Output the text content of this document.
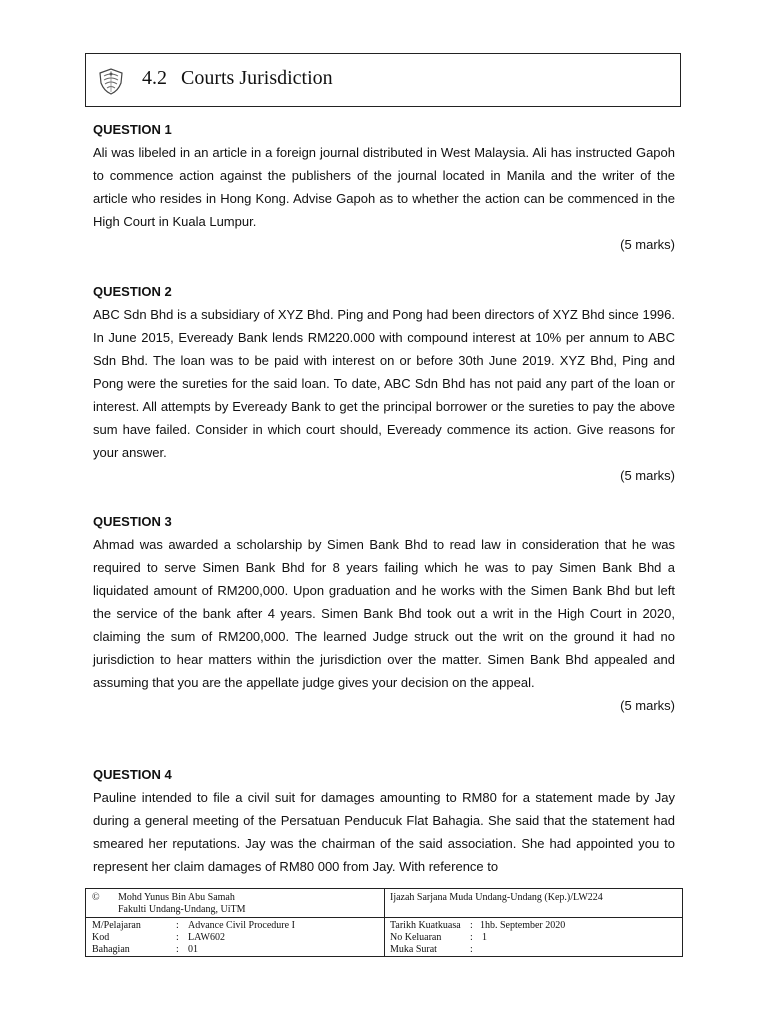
4.2 Courts Jurisdiction
QUESTION 1

Ali was libeled in an article in a foreign journal distributed in West Malaysia. Ali has instructed Gapoh to commence action against the publishers of the journal located in Manila and the writer of the article who resides in Hong Kong. Advise Gapoh as to whether the action can be commenced in the High Court in Kuala Lumpur.

(5 marks)
QUESTION 2

ABC Sdn Bhd is a subsidiary of XYZ Bhd. Ping and Pong had been directors of XYZ Bhd since 1996. In June 2015, Eveready Bank lends RM220.000 with compound interest at 10% per annum to ABC Sdn Bhd. The loan was to be paid with interest on or before 30th June 2019. XYZ Bhd, Ping and Pong were the sureties for the said loan. To date, ABC Sdn Bhd has not paid any part of the loan or interest. All attempts by Eveready Bank to get the principal borrower or the sureties to pay the above sum have failed. Consider in which court should, Eveready commence its action. Give reasons for your answer.

(5 marks)
QUESTION 3

Ahmad was awarded a scholarship by Simen Bank Bhd to read law in consideration that he was required to serve Simen Bank Bhd for 8 years failing which he was to pay Simen Bank Bhd a liquidated amount of RM200,000. Upon graduation and he works with the Simen Bank Bhd but left the service of the bank after 4 years. Simen Bank Bhd took out a writ in the High Court in 2020, claiming the sum of RM200,000. The learned Judge struck out the writ on the ground it had no jurisdiction to hear matters within the jurisdiction over the matter. Simen Bank Bhd appealed and assuming that you are the appellate judge gives your decision on the appeal.

(5 marks)
QUESTION 4

Pauline intended to file a civil suit for damages amounting to RM80 for a statement made by Jay during a general meeting of the Persatuan Penducuk Flat Bahagia. She said that the statement had smeared her reputations. Jay was the chairman of the said association. She had appointed you to represent her claim damages of RM80 000 from Jay. With reference to

© Mohd Yunus Bin Abu Samah
Fakulti Undang-Undang, UiTM
Ijazah Sarjana Muda Undang-Undang (Kep.)/LW224
M/Pelajaran	: Advance Civil Procedure I
Kod	: LAW602
Bahagian	: 01
Tarikh Kuatkuasa : 1hb. September 2020
No Keluaran	: 1
Muka Surat	:
